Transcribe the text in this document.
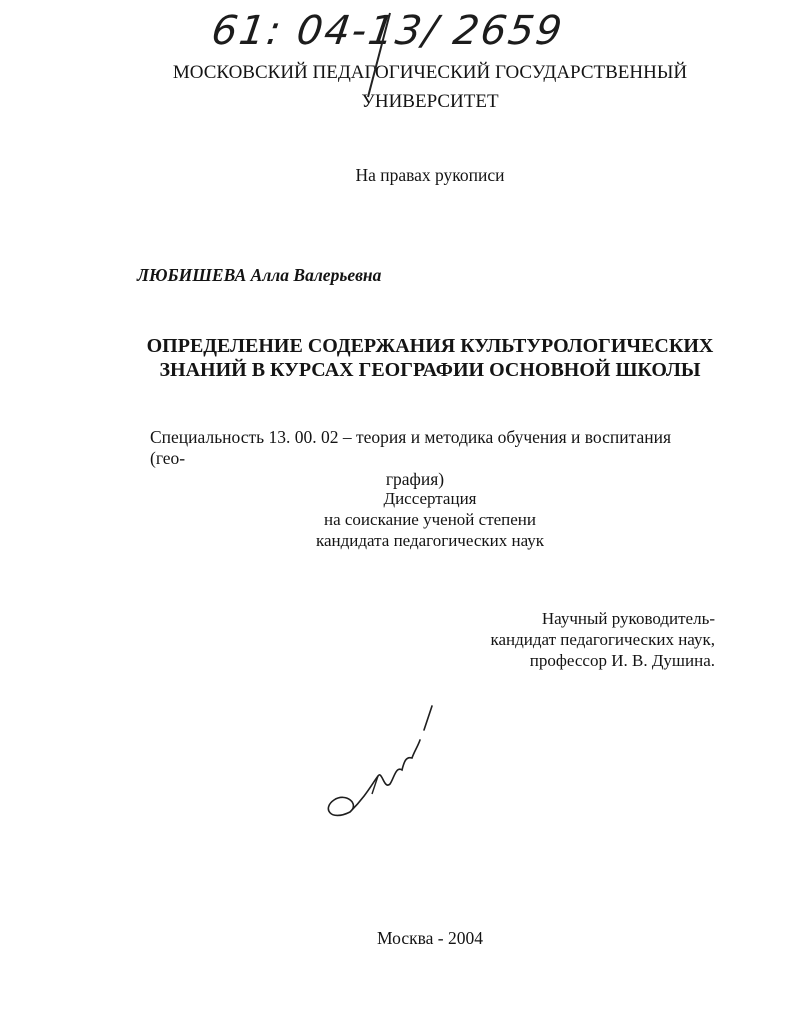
61: 04-13/ 2659
МОСКОВСКИЙ ПЕДАГОГИЧЕСКИЙ ГОСУДАРСТВЕННЫЙ
УНИВЕРСИТЕТ
На правах рукописи
ЛЮБИШЕВА Алла Валерьевна
ОПРЕДЕЛЕНИЕ СОДЕРЖАНИЯ КУЛЬТУРОЛОГИЧЕСКИХ
ЗНАНИЙ В КУРСАХ ГЕОГРАФИИ ОСНОВНОЙ ШКОЛЫ
Специальность 13. 00. 02 – теория и методика обучения и воспитания (гео-
графия)
Диссертация
на соискание ученой степени
кандидата педагогических наук
Научный руководитель-
кандидат педагогических наук,
профессор И. В. Душина.
Москва - 2004
